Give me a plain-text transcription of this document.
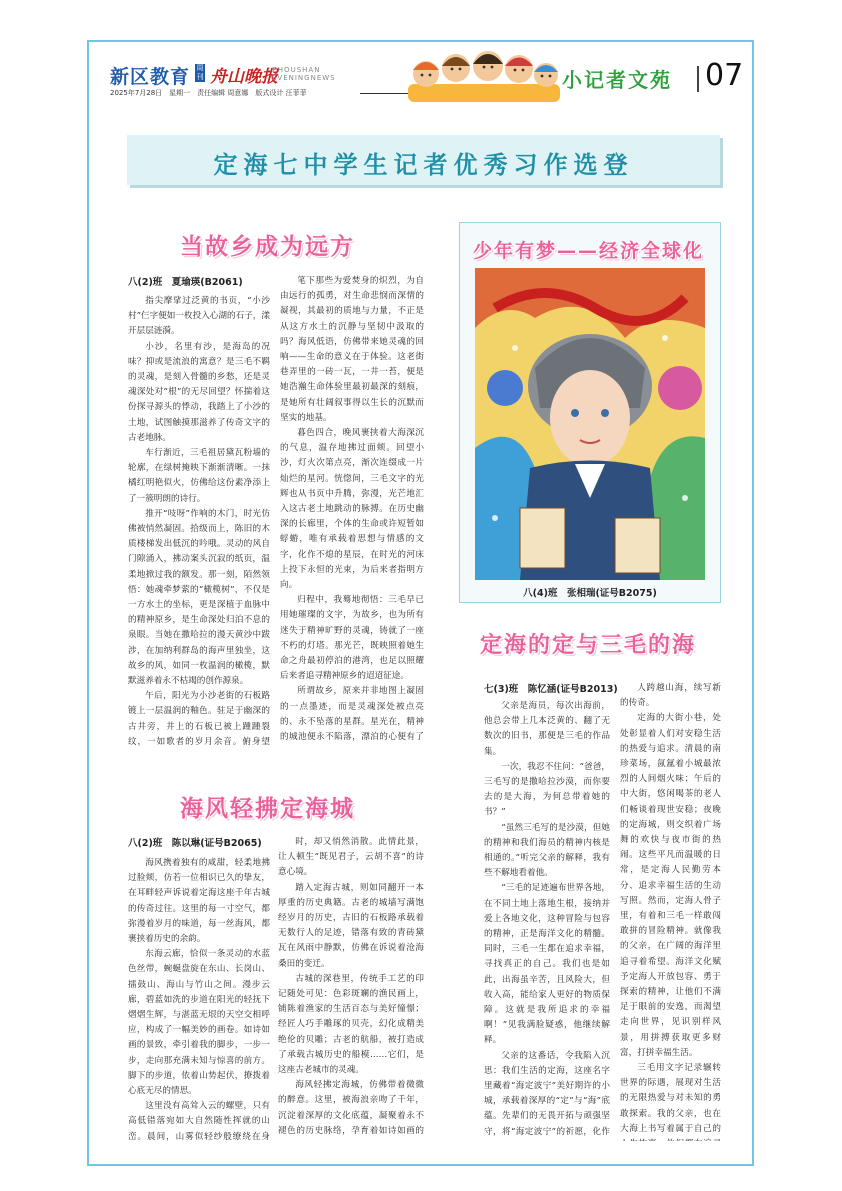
新区教育 周刊 舟山晚报
ZHOUSHAN
EVENINGNEWS
2025年7月28日　星期一　责任编辑 周意娜　版式设计 汪菲菲
小记者文苑 07
定海七中学生记者优秀习作选登
当故乡成为远方
八(2)班　夏瑜瑛(B2061)

指尖摩挲过泛黄的书页，“小沙村”仨字便如一枚投入心湖的石子，漾开层层涟漪。

小沙，名里有沙，是海岛的况味？抑或是流浪的寓意？是三毛不羁的灵魂，是刻入骨髓的乡愁，还是灵魂深处对“根”的无尽回望？怀揣着这份探寻源头的悸动，我踏上了小沙的土地，试图触摸那滋养了传奇文字的古老地脉。

车行渐近，三毛祖居黛瓦粉墙的轮廓，在绿树掩映下渐渐清晰。一抹橘红明艳似火，仿佛给这份素净添上了一簇明朗的诗行。

推开“吱呀”作响的木门，时光仿佛被悄然凝固。拾级而上，陈旧的木质楼梯发出低沉的吟哦。灵动的风自门隙涌入，拂动案头沉寂的纸页，温柔地掀过我的额发。那一刻，陌然领悟：她魂牵梦萦的“橄榄树”，不仅是一方水土的坐标，更是深植于血脉中的精神原乡，是生命深处归泊不息的泉眼。当她在撒哈拉的漫天黄沙中跋涉，在加纳利群岛的海声里独坐，这故乡的风，如同一枚温润的橄榄，默默滋养着永不枯竭的创作源泉。

午后，阳光为小沙老街的石板路镀上一层温润的釉色。驻足于幽深的古井旁，井上的石板已被上踵踵裂纹，一如歌者的岁月余音。俯身望

笔下那些为爱焚身的炽烈，为自由远行的孤勇，对生命悲悯而深情的凝视，其最初的质地与力量，不正是从这方水土的沉静与坚韧中汲取的吗？海风低语，仿佛带来她灵魂的回响——生命的意义在于体验。这老街巷弄里的一砖一瓦，一井一苔，便是她浩瀚生命体验里最初最深的刻痕，是她所有壮阔叙事得以生长的沉默而坚实的地基。

暮色四合，晚风裹挟着大海深沉的气息，温存地拂过面颊。回望小沙，灯火次第点亮，渐次连缀成一片灿烂的星河。恍惚间，三毛文字的光辉也从书页中升腾，弥漫，光芒地汇入这古老土地跳动的脉搏。在历史幽深的长廊里，个体的生命或许短暂如蜉蝣，唯有承载着思想与情感的文字，化作不熄的星辰，在时光的河床上投下永恒的光束，为后来者指明方向。

归程中，我蓦地彻悟：三毛早已用她璀璨的文字，为故乡，也为所有迷失于精神旷野的灵魂，铸就了一座不朽的灯塔。那光芒，既映照着她生命之舟最初停泊的港湾，也足以照耀后来者追寻精神原乡的迢迢征途。

所谓故乡，原来并非地图上凝固的一点墨迹，而是灵魂深处被点亮的、永不坠落的星群。星光在，精神的城池便永不陷落，漂泊的心便有了

海风轻拂定海城
八(2)班　陈以琳(证号B2065)

海风携着独有的咸甜，轻柔地拂过脸颊，仿若一位相识已久的挚友，在耳畔轻声诉说着定海这座千年古城的传奇过往。这里的每一寸空气，都弥漫着岁月的味道，每一丝海风，都裹挟着历史的余韵。

东海云廊，恰似一条灵动的水蓝色丝带，蜿蜒盘旋在东山、长岗山、擂鼓山、海山与竹山之间。漫步云廊，碧蓝如洗的步道在阳光的轻抚下熠熠生辉，与湛蓝无垠的天空交相呼应，构成了一幅美妙的画卷。如诗如画的景致，牵引着我的脚步，一步一步，走向那充满未知与惊喜的前方。脚下的步道，依着山势起伏，撩拨着心底无尽的情思。

这里没有高耸入云的螺壁，只有高低错落宛如大自然随性挥就的山峦。晨间，山雾似轻纱般缭绕在身

时，却又悄然消散。此情此景，让人顿生“既见君子，云胡不喜”的诗意心境。

踏入定海古城，则如同翻开一本厚重的历史典籍。古老的城墙写满饱经岁月的历史，古旧的石板路承载着无数行人的足迹，错落有致的青砖黛瓦在风雨中静默，仿佛在诉说着沧海桑田的变迁。

古城的深巷里，传统手工艺的印记随处可见：色彩斑斓的渔民画上，铺陈着渔家的生活百态与美好憧憬；经匠人巧手雕琢的贝壳，幻化成精美绝伦的贝雕；古老的航船，被打造成了承载古城历史的船模……它们，是这座古老城市的灵魂。

海风轻拂定海城，仿佛带着微微的醉意。这里，被海浪亲吻了千年，沉淀着深厚的文化底蕴，凝聚着永不褪色的历史脉络，孕育着如诗如画的

少年有梦——经济全球化
八(4)班　张相瑞(证号B2075)
定海的定与三毛的海
七(3)班　陈忆涵(证号B2013)

父亲是海员，每次出海前，他总会带上几本泛黄的、翻了无数次的旧书，那便是三毛的作品集。

一次，我忍不住问：“爸爸，三毛写的是撒哈拉沙漠，而你要去的是大海，为何总带着她的书？”

“虽然三毛写的是沙漠，但她的精神和我们海员的精神内核是相通的。”听完父亲的解释，我有些不解地看着他。

“三毛的足迹遍布世界各地，在不同土地上落地生根，接纳并爱上各地文化，这种冒险与包容的精神，正是海洋文化的精髓。同时，三毛一生都在追求幸福，寻找真正的自己。我们也是如此，出海虽辛苦，且风险大，但收入高，能给家人更好的物质保障。这就是我所追求的幸福啊！”见我满脸疑惑，他继续解释。

父亲的这番话，令我陷入沉思：我们生活的定海，这座名字里藏着“海定波宁”美好期许的小城，承载着深厚的“定”与“海”底蕴。先辈们的无畏开拓与顽强坚守，将“海定波宁”的祈愿，化作

人跨越山海，续写新的传奇。

定海的大街小巷，处处彰显着人们对安稳生活的热爱与追求。清晨的南珍菜场，氤氲着小城最浓烈的人间烟火味；午后的中大街，悠闲喝茶的老人们畅谈着现世安稳；夜晚的定海城，则交织着广场舞的欢快与夜市街的热闹。这些平凡而温暖的日常，是定海人民勤劳本分、追求幸福生活的生动写照。然而，定海人骨子里，有着和三毛一样敢闯敢拼的冒险精神。就像我的父亲，在广阔的海洋里追寻着希望。海洋文化赋予定海人开放包容、勇于探索的精神，让他们不满足于眼前的安逸，而渴望走向世界，见识别样风景，用拼搏获取更多财富，打拼幸福生活。

三毛用文字记录辗转世界的际遇，展现对生活的无限热爱与对未知的勇敢探索。我的父亲，也在大海上书写着属于自己的
